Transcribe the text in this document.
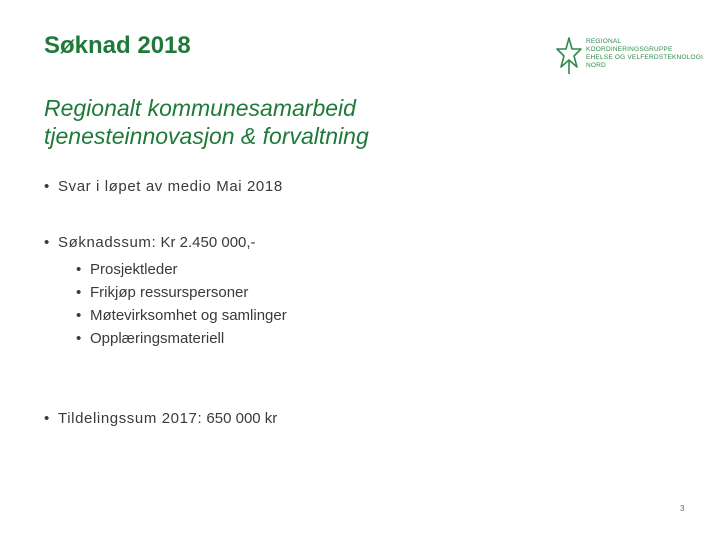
Søknad 2018
Regionalt kommunesamarbeid
tjenesteinnovasjon & forvaltning
REGIONAL
KOORDINERINGSGRUPPE
EHELSE OG VELFERDSTEKNOLOGI
NORD
• Svar i løpet av medio Mai 2018
• Søknadssum: Kr 2.450 000,-
• Prosjektleder
• Frikjøp ressurspersoner
• Møtevirksomhet og samlinger
• Opplæringsmateriell
• Tildelingssum 2017: 650 000 kr
3
